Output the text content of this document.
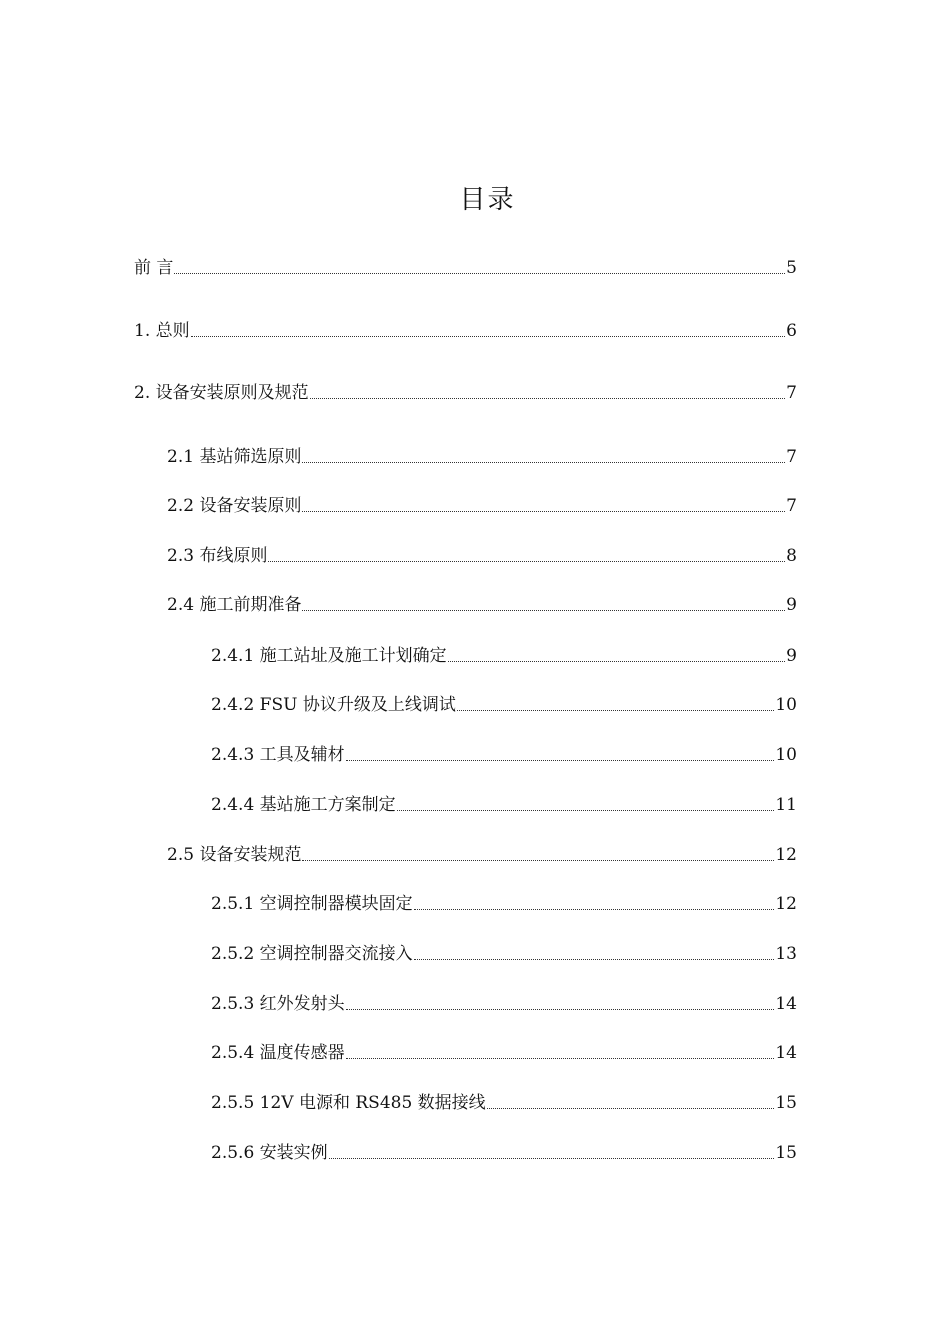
目录
前 言	5
1. 总则	6
2. 设备安装原则及规范	7
2.1 基站筛选原则	7
2.2 设备安装原则	7
2.3 布线原则	8
2.4 施工前期准备	9
2.4.1 施工站址及施工计划确定	9
2.4.2 FSU 协议升级及上线调试	10
2.4.3 工具及辅材	10
2.4.4 基站施工方案制定	11
2.5 设备安装规范	12
2.5.1 空调控制器模块固定	12
2.5.2 空调控制器交流接入	13
2.5.3 红外发射头	14
2.5.4 温度传感器	14
2.5.5 12V 电源和 RS485 数据接线	15
2.5.6 安装实例	15
